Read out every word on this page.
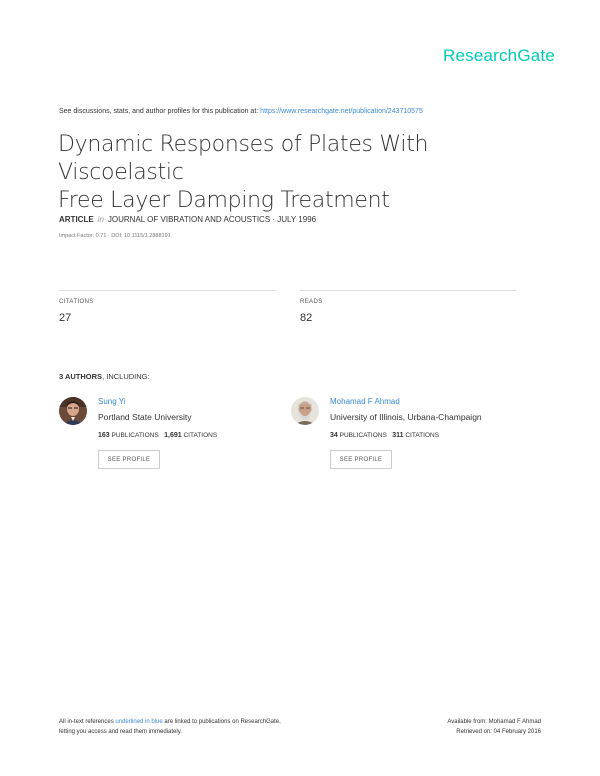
ResearchGate
See discussions, stats, and author profiles for this publication at: https://www.researchgate.net/publication/243710575
Dynamic Responses of Plates With Viscoelastic
Free Layer Damping Treatment
ARTICLE in JOURNAL OF VIBRATION AND ACOUSTICS · JULY 1996
Impact Factor: 0.71 · DOI: 10.1115/1.2888191
CITATIONS
27
READS
82
3 AUTHORS, INCLUDING:
Sung Yi
Portland State University
163 PUBLICATIONS 1,691 CITATIONS
SEE PROFILE
Mohamad F Ahmad
University of Illinois, Urbana-Champaign
34 PUBLICATIONS 311 CITATIONS
SEE PROFILE
All in-text references underlined in blue are linked to publications on ResearchGate,
letting you access and read them immediately.
Available from: Mohamad F Ahmad
Retrieved on: 04 February 2016
